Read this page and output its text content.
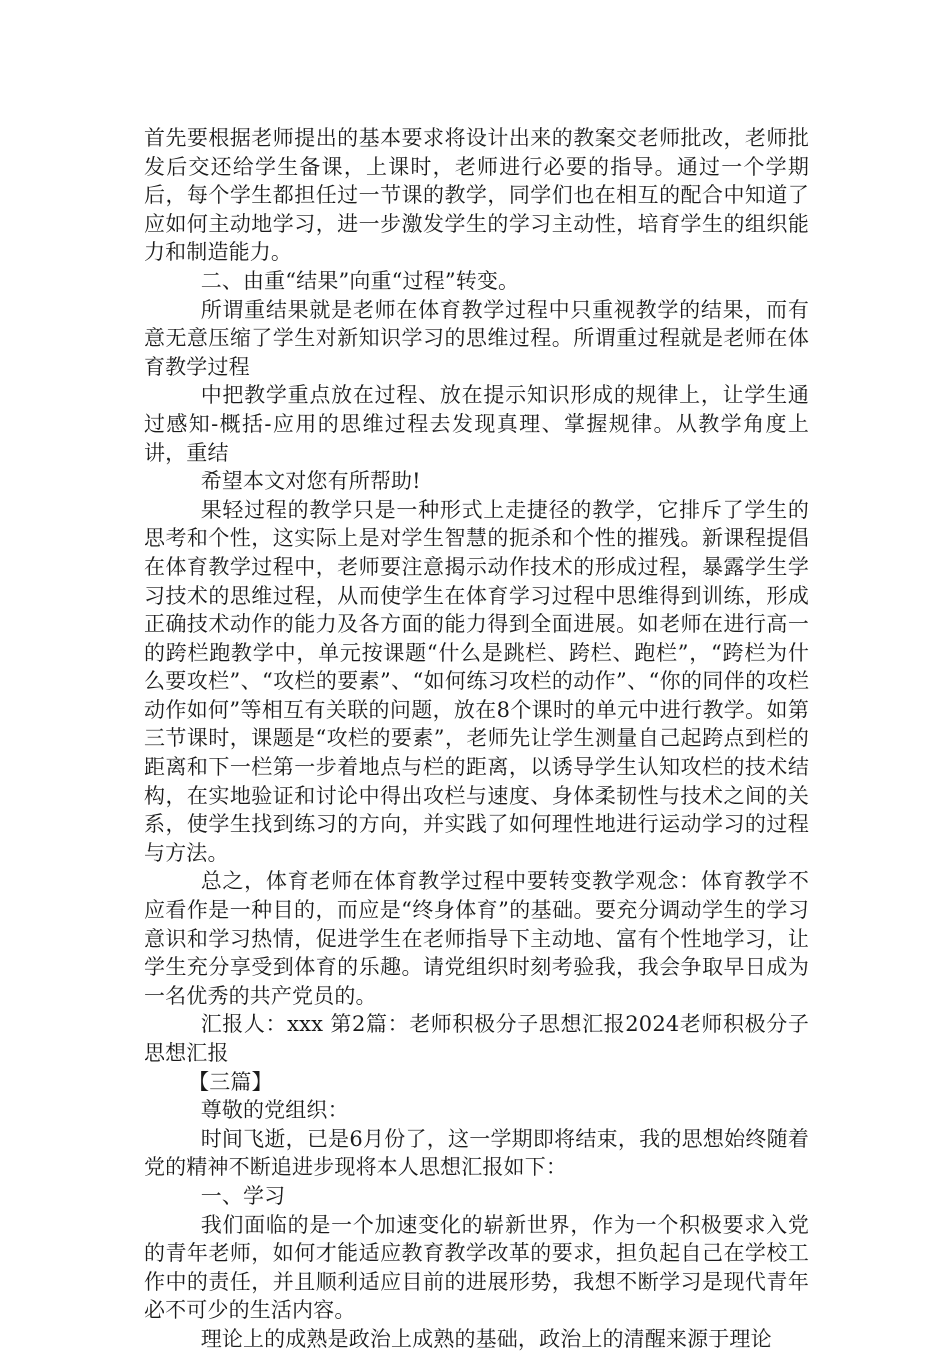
首先要根据老师提出的基本要求将设计出来的教案交老师批改，老师批发后交还给学生备课，上课时，老师进行必要的指导。通过一个学期后，每个学生都担任过一节课的教学，同学们也在相互的配合中知道了应如何主动地学习，进一步激发学生的学习主动性，培育学生的组织能力和制造能力。

二、由重“结果”向重“过程”转变。

所谓重结果就是老师在体育教学过程中只重视教学的结果，而有意无意压缩了学生对新知识学习的思维过程。所谓重过程就是老师在体育教学过程

中把教学重点放在过程、放在提示知识形成的规律上，让学生通过感知-概括-应用的思维过程去发现真理、掌握规律。从教学角度上讲，重结

希望本文对您有所帮助!

果轻过程的教学只是一种形式上走捷径的教学，它排斥了学生的思考和个性，这实际上是对学生智慧的扼杀和个性的摧残。新课程提倡在体育教学过程中，老师要注意揭示动作技术的形成过程，暴露学生学习技术的思维过程，从而使学生在体育学习过程中思维得到训练，形成正确技术动作的能力及各方面的能力得到全面进展。如老师在进行高一的跨栏跑教学中，单元按课题“什么是跳栏、跨栏、跑栏”，“跨栏为什么要攻栏”、“攻栏的要素”、“如何练习攻栏的动作”、“你的同伴的攻栏动作如何”等相互有关联的问题，放在8个课时的单元中进行教学。如第三节课时，课题是“攻栏的要素”，老师先让学生测量自己起跨点到栏的距离和下一栏第一步着地点与栏的距离，以诱导学生认知攻栏的技术结构，在实地验证和讨论中得出攻栏与速度、身体柔韧性与技术之间的关系，使学生找到练习的方向，并实践了如何理性地进行运动学习的过程与方法。

总之，体育老师在体育教学过程中要转变教学观念：体育教学不应看作是一种目的，而应是“终身体育”的基础。要充分调动学生的学习意识和学习热情，促进学生在老师指导下主动地、富有个性地学习，让学生充分享受到体育的乐趣。请党组织时刻考验我，我会争取早日成为一名优秀的共产党员的。

汇报人：xxx 第2篇：老师积极分子思想汇报2024老师积极分子思想汇报

【三篇】

尊敬的党组织：

时间飞逝，已是6月份了，这一学期即将结束，我的思想始终随着党的精神不断追进步现将本人思想汇报如下：

一、学习

我们面临的是一个加速变化的崭新世界，作为一个积极要求入党的青年老师，如何才能适应教育教学改革的要求，担负起自己在学校工作中的责任，并且顺利适应目前的进展形势，我想不断学习是现代青年必不可少的生活内容。

理论上的成熟是政治上成熟的基础，政治上的清醒来源于理论
